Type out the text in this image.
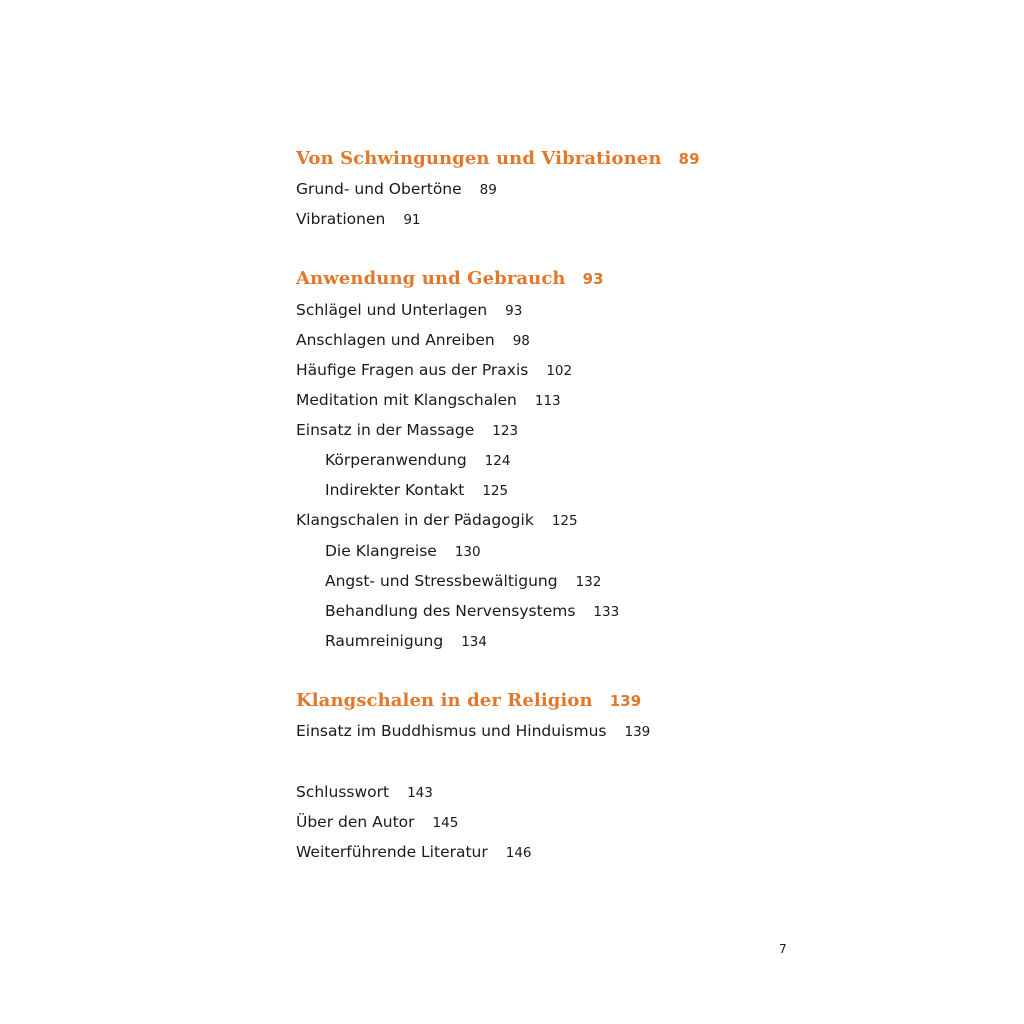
Von Schwingungen und Vibrationen 89
Grund- und Obertöne 89
Vibrationen 91
Anwendung und Gebrauch 93
Schlägel und Unterlagen 93
Anschlagen und Anreiben 98
Häufige Fragen aus der Praxis 102
Meditation mit Klangschalen 113
Einsatz in der Massage 123
Körperanwendung 124
Indirekter Kontakt 125
Klangschalen in der Pädagogik 125
Die Klangreise 130
Angst- und Stressbewältigung 132
Behandlung des Nervensystems 133
Raumreinigung 134
Klangschalen in der Religion 139
Einsatz im Buddhismus und Hinduismus 139
Schlusswort 143
Über den Autor 145
Weiterführende Literatur 146
7
